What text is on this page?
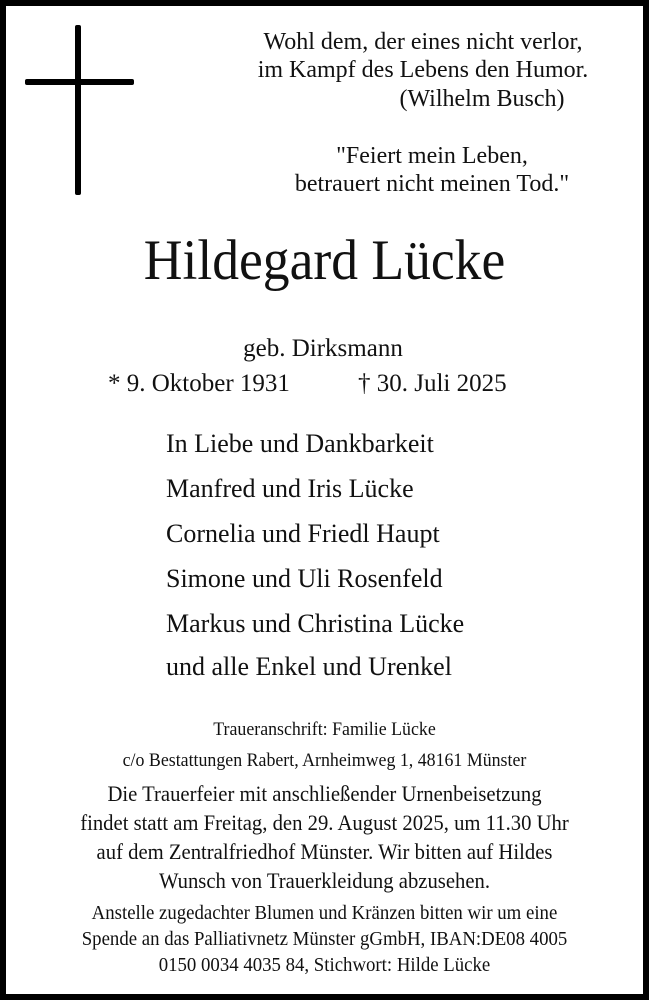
Wohl dem, der eines nicht verlor,
im Kampf des Lebens den Humor.
(Wilhelm Busch)
"Feiert mein Leben,
betrauert nicht meinen Tod."
Hildegard Lücke
geb. Dirksmann
* 9. Oktober 1931	† 30. Juli 2025
In Liebe und Dankbarkeit
Manfred und Iris Lücke
Cornelia und Friedl Haupt
Simone und Uli Rosenfeld
Markus und Christina Lücke
und alle Enkel und Urenkel
Traueranschrift: Familie Lücke
c/o Bestattungen Rabert, Arnheimweg 1, 48161 Münster
Die Trauerfeier mit anschließender Urnenbeisetzung
findet statt am Freitag, den 29. August 2025, um 11.30 Uhr
auf dem Zentralfriedhof Münster. Wir bitten auf Hildes
Wunsch von Trauerkleidung abzusehen.
Anstelle zugedachter Blumen und Kränzen bitten wir um eine
Spende an das Palliativnetz Münster gGmbH, IBAN:DE08 4005
0150 0034 4035 84, Stichwort: Hilde Lücke
